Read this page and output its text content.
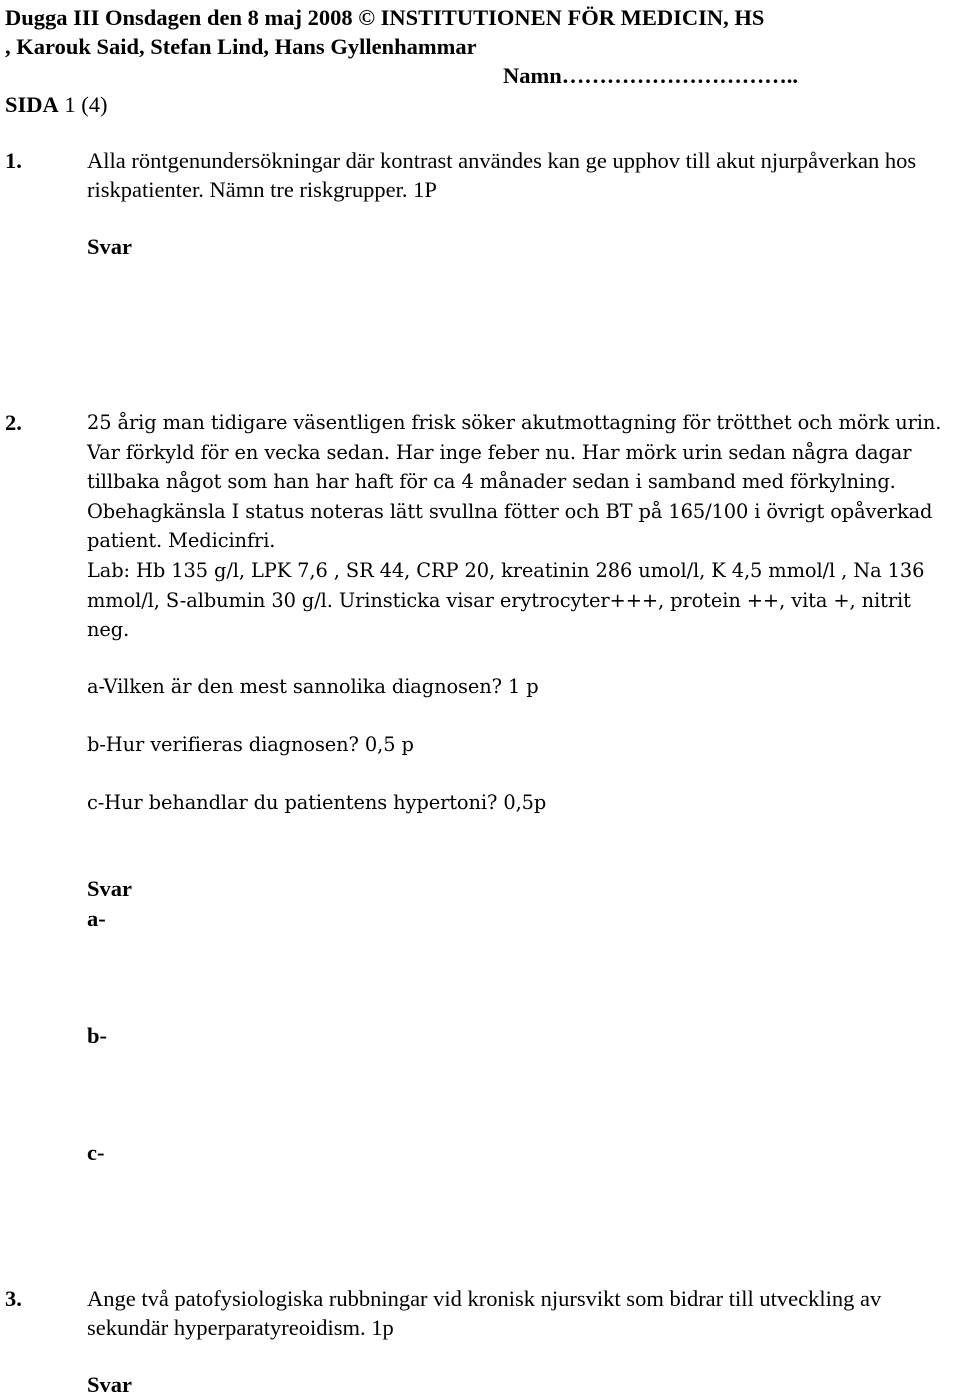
Dugga III Onsdagen den 8 maj 2008 © INSTITUTIONEN FÖR MEDICIN, HS
, Karouk Said, Stefan Lind, Hans Gyllenhammar
Namn…………………………..
SIDA 1 (4)
1.	Alla röntgenundersökningar där kontrast användes kan ge upphov till akut njurpåverkan hos riskpatienter. Nämn tre riskgrupper. 1P
Svar
2.	25 årig man tidigare väsentligen frisk söker akutmottagning för trötthet och mörk urin. Var förkyld för en vecka sedan. Har inge feber nu. Har mörk urin sedan några dagar tillbaka något som han har haft för ca 4 månader sedan i samband med förkylning. Obehagkänsla I status noteras lätt svullna fötter och BT på 165/100 i övrigt opåverkad patient. Medicinfri.
Lab: Hb 135 g/l, LPK 7,6 , SR 44, CRP 20, kreatinin 286 umol/l, K 4,5 mmol/l , Na 136 mmol/l, S-albumin 30 g/l. Urinsticka visar erytrocyter+++, protein ++, vita +, nitrit neg.
a-Vilken är den mest sannolika diagnosen? 1 p
b-Hur verifieras diagnosen? 0,5 p
c-Hur behandlar du patientens hypertoni? 0,5p
Svar
a-
b-
c-
3.	Ange två patofysiologiska rubbningar vid kronisk njursvikt som bidrar till utveckling av sekundär hyperparatyreoidism. 1p
Svar
